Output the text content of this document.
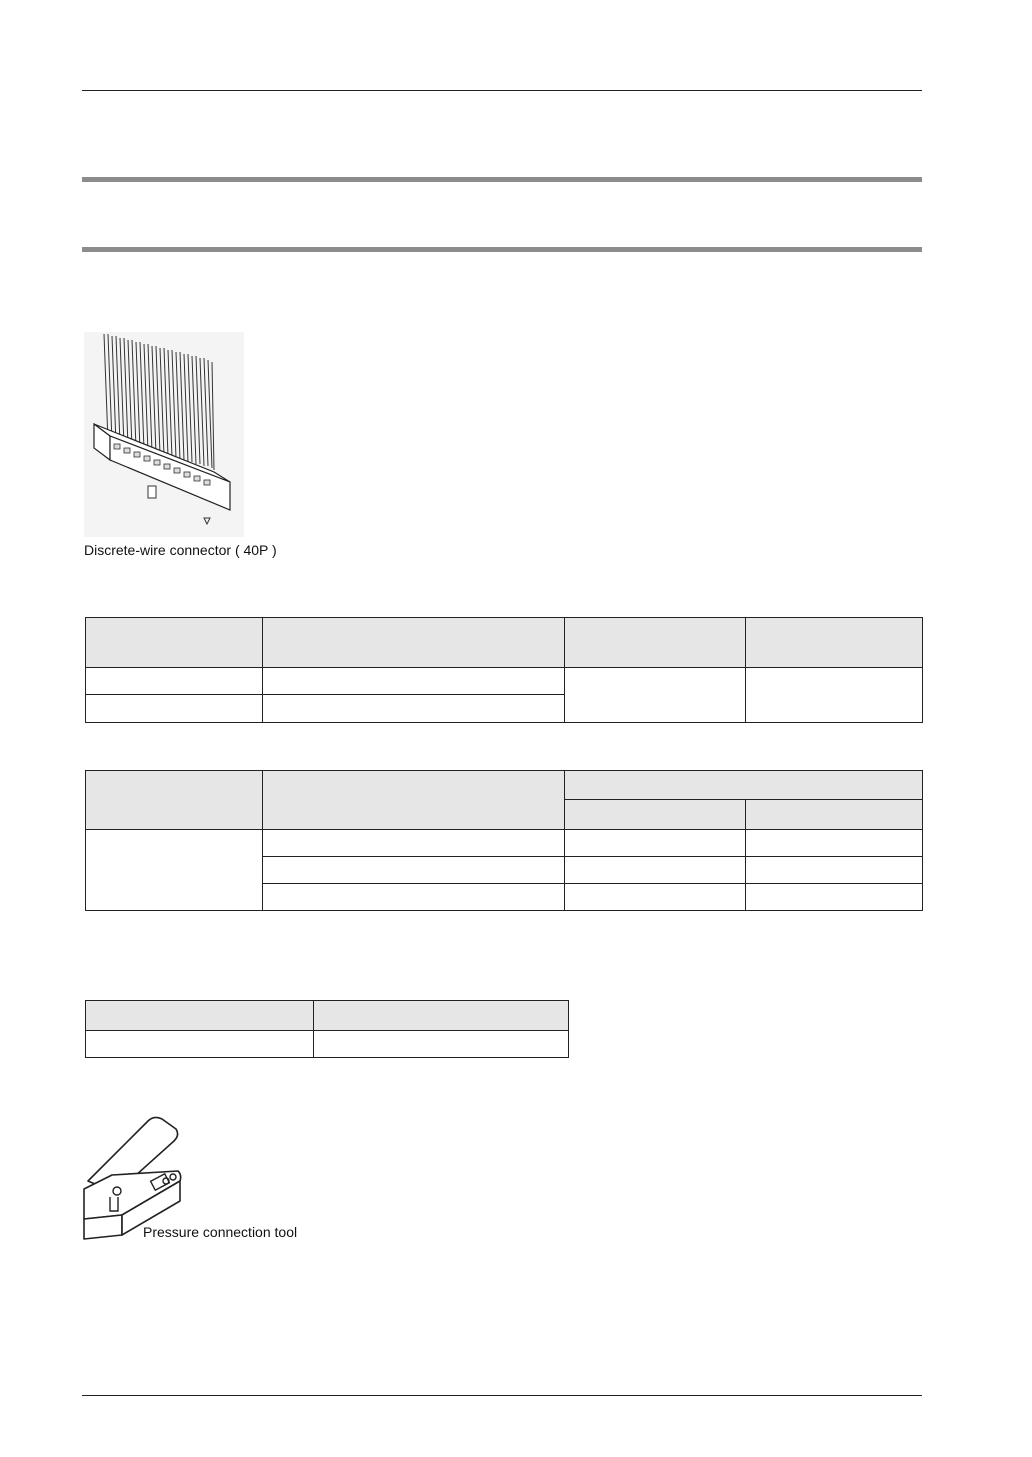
Discrete-wire connector ( 40P )

Pressure connection tool
